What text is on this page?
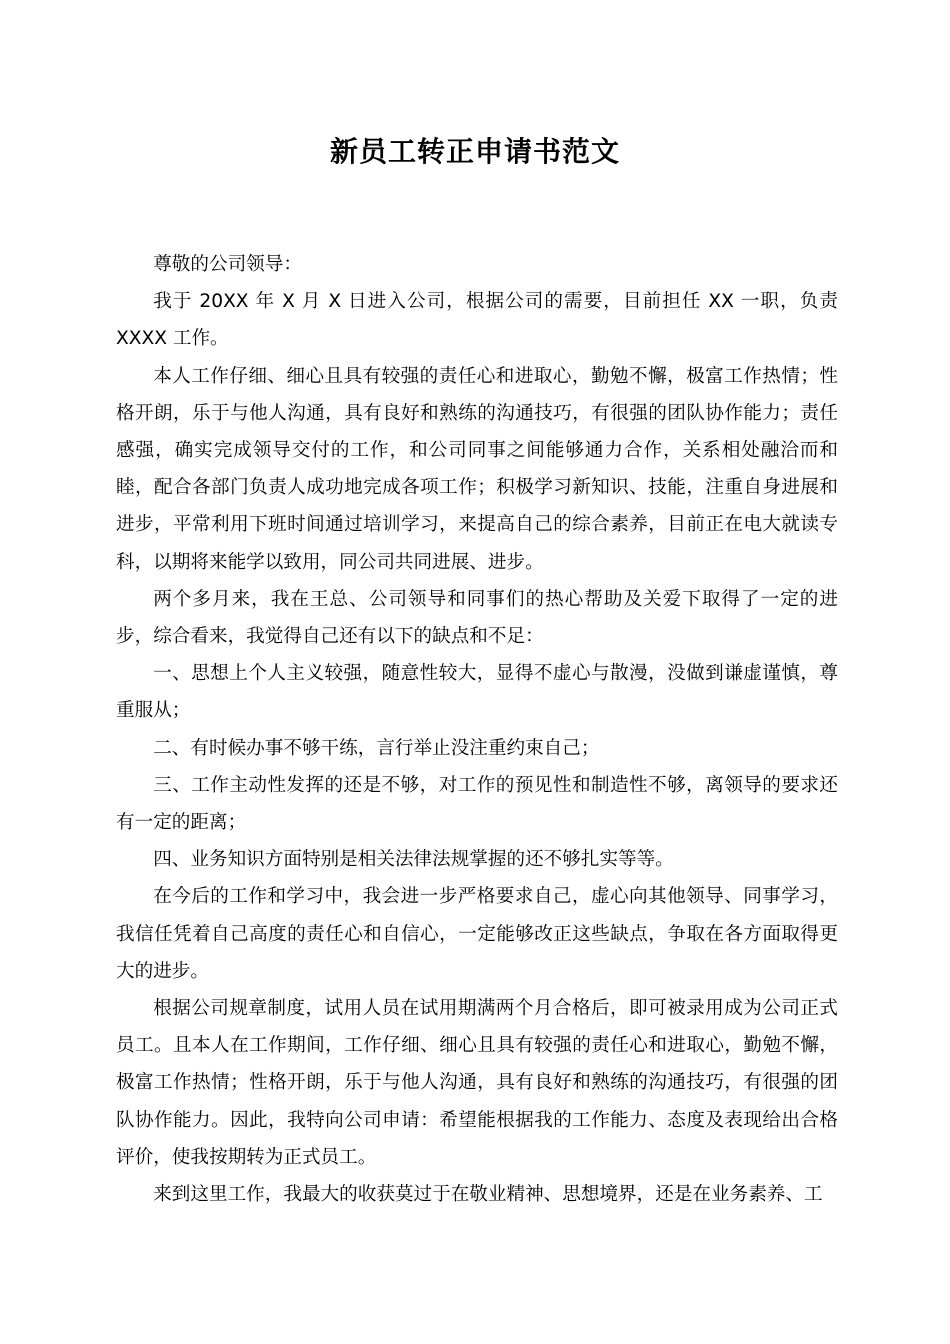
新员工转正申请书范文

尊敬的公司领导：

我于 20XX 年 X 月 X 日进入公司，根据公司的需要，目前担任 XX 一职，负责 XXXX 工作。

本人工作仔细、细心且具有较强的责任心和进取心，勤勉不懈，极富工作热情；性格开朗，乐于与他人沟通，具有良好和熟练的沟通技巧，有很强的团队协作能力；责任感强，确实完成领导交付的工作，和公司同事之间能够通力合作，关系相处融洽而和睦，配合各部门负责人成功地完成各项工作；积极学习新知识、技能，注重自身进展和进步，平常利用下班时间通过培训学习，来提高自己的综合素养，目前正在电大就读专科，以期将来能学以致用，同公司共同进展、进步。

两个多月来，我在王总、公司领导和同事们的热心帮助及关爱下取得了一定的进步，综合看来，我觉得自己还有以下的缺点和不足：

一、思想上个人主义较强，随意性较大，显得不虚心与散漫，没做到谦虚谨慎，尊重服从；

二、有时候办事不够干练，言行举止没注重约束自己；

三、工作主动性发挥的还是不够，对工作的预见性和制造性不够，离领导的要求还有一定的距离；

四、业务知识方面特别是相关法律法规掌握的还不够扎实等等。

在今后的工作和学习中，我会进一步严格要求自己，虚心向其他领导、同事学习，我信任凭着自己高度的责任心和自信心，一定能够改正这些缺点，争取在各方面取得更大的进步。

根据公司规章制度，试用人员在试用期满两个月合格后，即可被录用成为公司正式员工。且本人在工作期间，工作仔细、细心且具有较强的责任心和进取心，勤勉不懈，极富工作热情；性格开朗，乐于与他人沟通，具有良好和熟练的沟通技巧，有很强的团队协作能力。因此，我特向公司申请：希望能根据我的工作能力、态度及表现给出合格评价，使我按期转为正式员工。

来到这里工作，我最大的收获莫过于在敬业精神、思想境界，还是在业务素养、工
